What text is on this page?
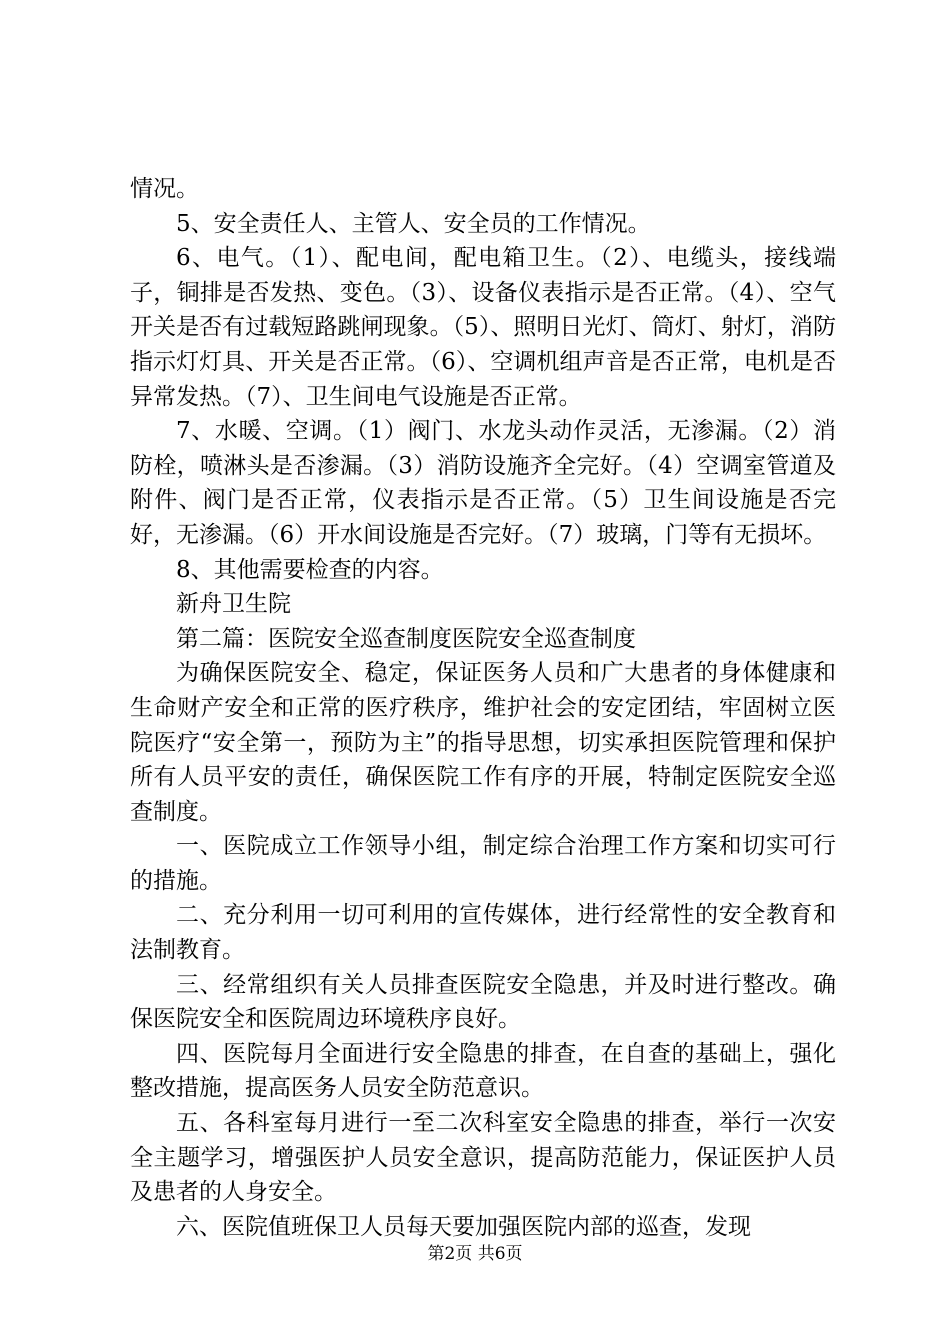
情况。

5、安全责任人、主管人、安全员的工作情况。

6、电气。（1）、配电间，配电箱卫生。（2）、电缆头，接线端子，铜排是否发热、变色。（3）、设备仪表指示是否正常。（4）、空气开关是否有过载短路跳闸现象。（5）、照明日光灯、筒灯、射灯，消防指示灯灯具、开关是否正常。（6）、空调机组声音是否正常，电机是否异常发热。（7）、卫生间电气设施是否正常。

7、水暖、空调。（1）阀门、水龙头动作灵活，无渗漏。（2）消防栓，喷淋头是否渗漏。（3）消防设施齐全完好。（4）空调室管道及附件、阀门是否正常，仪表指示是否正常。（5）卫生间设施是否完好，无渗漏。（6）开水间设施是否完好。（7）玻璃，门等有无损坏。

8、其他需要检查的内容。

新舟卫生院

第二篇：医院安全巡查制度医院安全巡查制度

为确保医院安全、稳定，保证医务人员和广大患者的身体健康和生命财产安全和正常的医疗秩序，维护社会的安定团结，牢固树立医院医疗“安全第一，预防为主”的指导思想，切实承担医院管理和保护所有人员平安的责任，确保医院工作有序的开展，特制定医院安全巡查制度。

一、医院成立工作领导小组，制定综合治理工作方案和切实可行的措施。

二、充分利用一切可利用的宣传媒体，进行经常性的安全教育和法制教育。

三、经常组织有关人员排查医院安全隐患，并及时进行整改。确保医院安全和医院周边环境秩序良好。

四、医院每月全面进行安全隐患的排查，在自查的基础上，强化整改措施，提高医务人员安全防范意识。

五、各科室每月进行一至二次科室安全隐患的排查，举行一次安全主题学习，增强医护人员安全意识，提高防范能力，保证医护人员及患者的人身安全。

六、医院值班保卫人员每天要加强医院内部的巡查，发现

第2页 共6页
